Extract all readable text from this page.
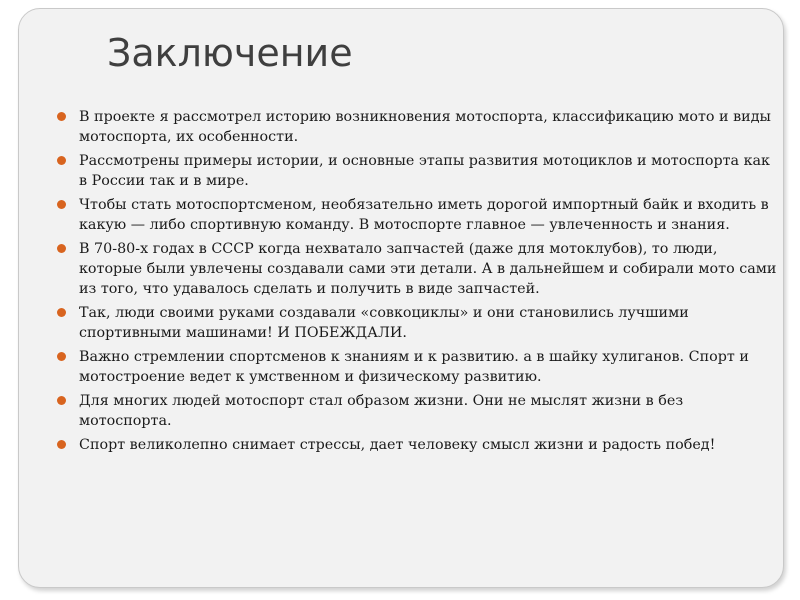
Заключение
В проекте я рассмотрел историю возникновения мотоспорта, классификацию мото и виды мотоспорта, их особенности.
Рассмотрены примеры истории, и основные этапы развития мотоциклов и мотоспорта как в России так и в мире.
Чтобы стать мотоспортсменом, необязательно иметь дорогой импортный байк и входить в какую — либо спортивную команду. В мотоспорте главное — увлеченность и знания.
В 70-80-х годах в СССР когда нехватало запчастей (даже для мотоклубов), то люди, которые были увлечены создавали сами эти детали. А в дальнейшем и собирали мото сами из того, что удавалось сделать и получить в виде запчастей.
Так, люди своими руками создавали «совкоциклы» и они становились лучшими спортивными машинами! И ПОБЕЖДАЛИ.
Важно стремлении спортсменов к знаниям и к развитию. а в шайку хулиганов. Спорт и мотостроение ведет к умственном и физическому развитию.
Для многих людей мотоспорт стал образом жизни. Они не мыслят жизни в без мотоспорта.
Спорт великолепно снимает стрессы, дает человеку смысл жизни и радость побед!
